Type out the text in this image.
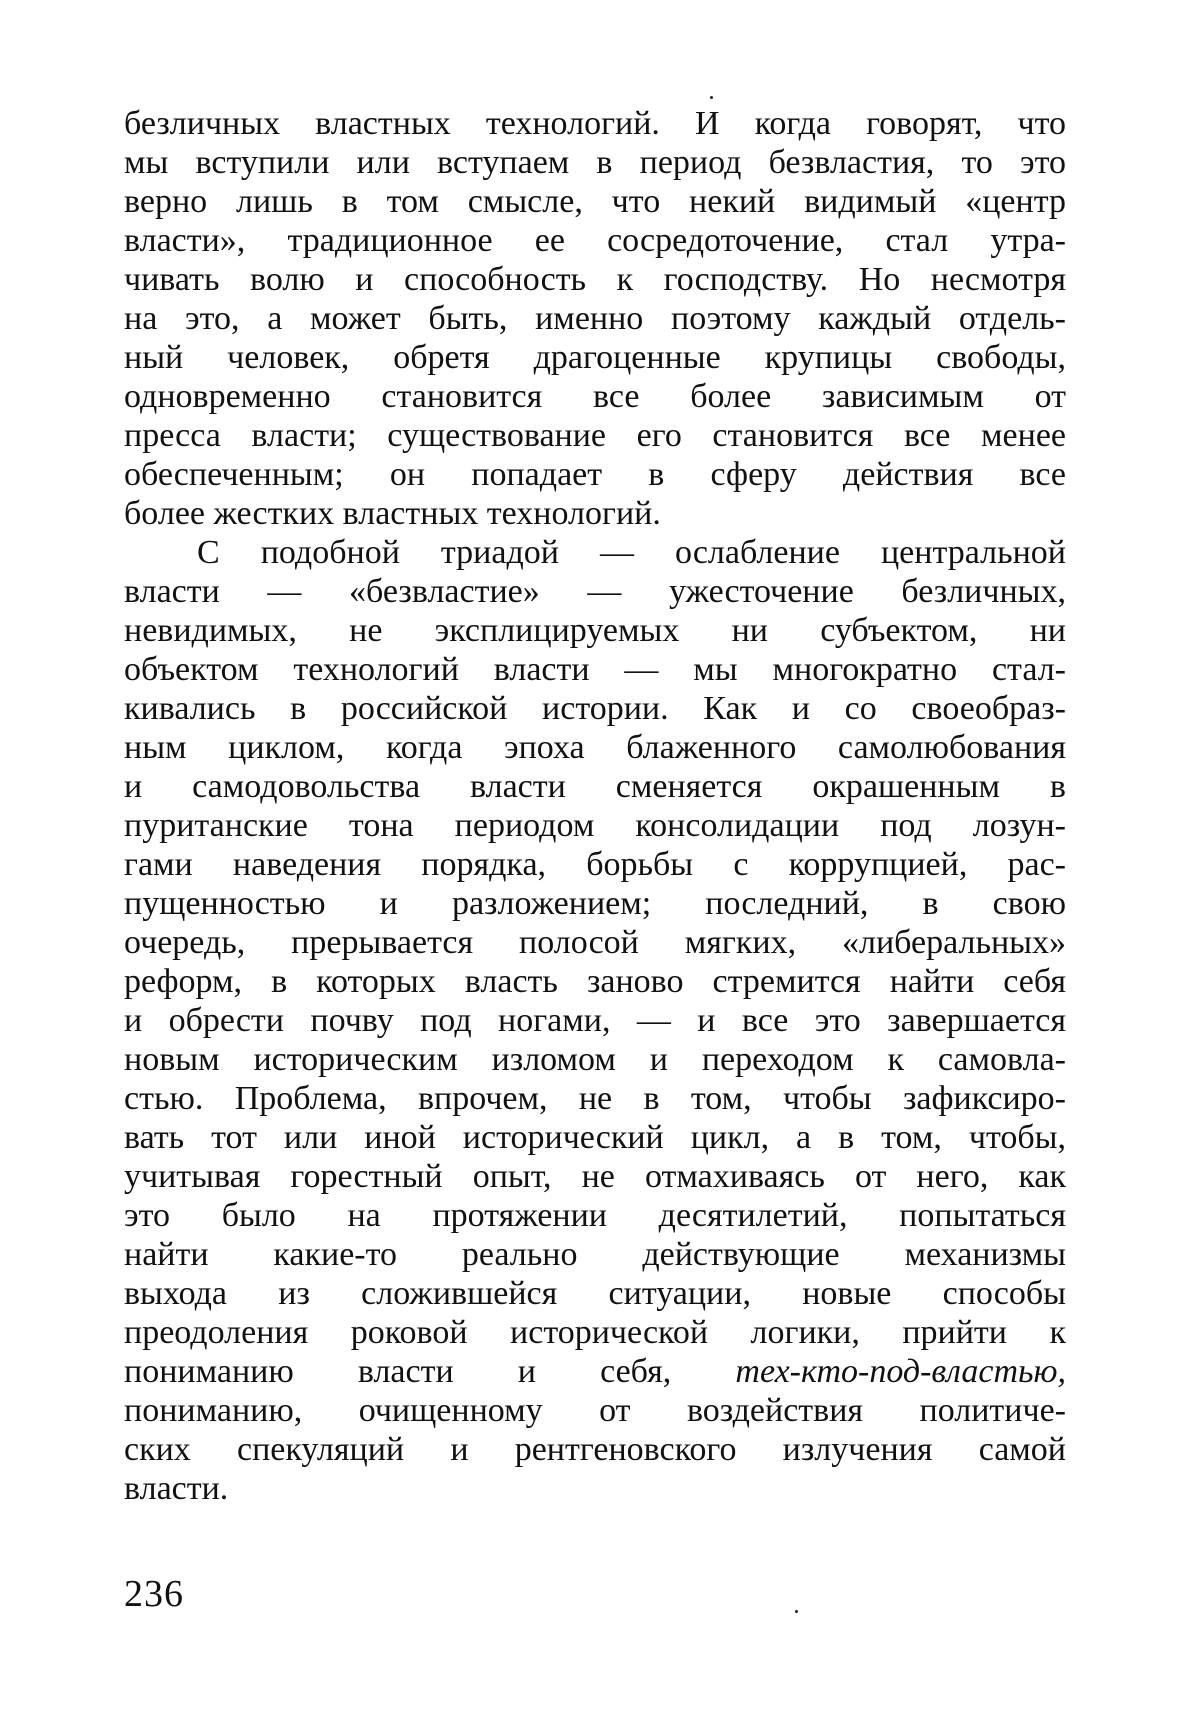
безличных властных технологий. И когда говорят, что
мы вступили или вступаем в период безвластия, то это
верно лишь в том смысле, что некий видимый «центр
власти», традиционное ее сосредоточение, стал утра-
чивать волю и способность к господству. Но несмотря
на это, а может быть, именно поэтому каждый отдель-
ный человек, обретя драгоценные крупицы свободы,
одновременно становится все более зависимым от
пресса власти; существование его становится все менее
обеспеченным; он попадает в сферу действия все
более жестких властных технологий.
С подобной триадой — ослабление центральной
власти — «безвластие» — ужесточение безличных,
невидимых, не эксплицируемых ни субъектом, ни
объектом технологий власти — мы многократно стал-
кивались в российской истории. Как и со своеобраз-
ным циклом, когда эпоха блаженного самолюбования
и самодовольства власти сменяется окрашенным в
пуританские тона периодом консолидации под лозун-
гами наведения порядка, борьбы с коррупцией, рас-
пущенностью и разложением; последний, в свою
очередь, прерывается полосой мягких, «либеральных»
реформ, в которых власть заново стремится найти себя
и обрести почву под ногами, — и все это завершается
новым историческим изломом и переходом к самовла-
стью. Проблема, впрочем, не в том, чтобы зафиксиро-
вать тот или иной исторический цикл, а в том, чтобы,
учитывая горестный опыт, не отмахиваясь от него, как
это было на протяжении десятилетий, попытаться
найти какие-то реально действующие механизмы
выхода из сложившейся ситуации, новые способы
преодоления роковой исторической логики, прийти к
пониманию власти и себя, тех-кто-под-властью,
пониманию, очищенному от воздействия политиче-
ских спекуляций и рентгеновского излучения самой
власти.
236
